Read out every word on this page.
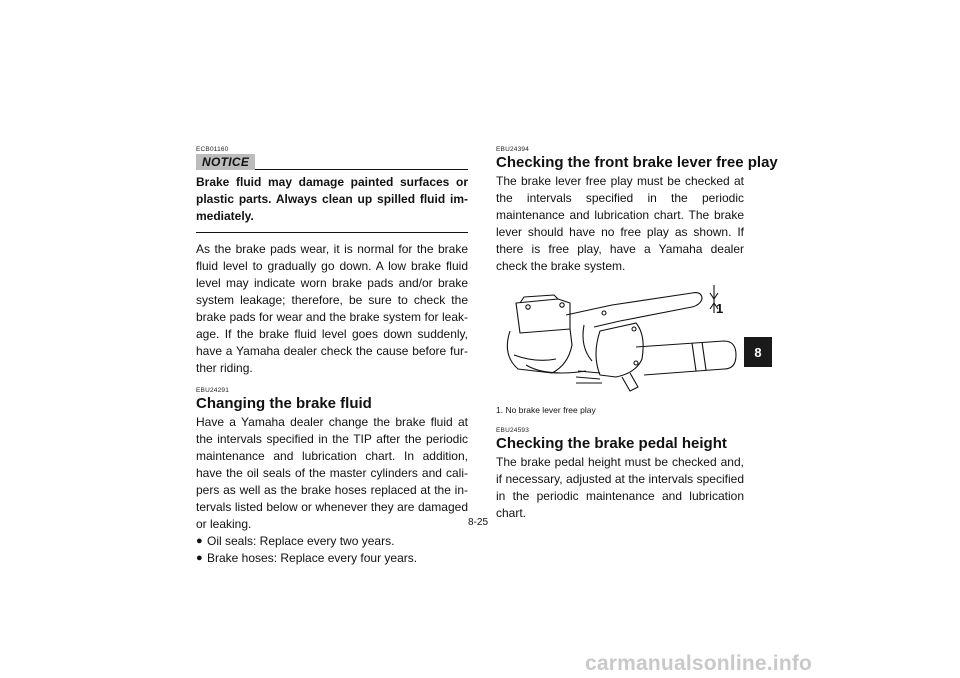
ECB01160

NOTICE

Brake fluid may damage painted surfaces or plastic parts. Always clean up spilled fluid im-mediately.

As the brake pads wear, it is normal for the brake fluid level to gradually go down. A low brake fluid level may indicate worn brake pads and/or brake system leakage; therefore, be sure to check the brake pads for wear and the brake system for leak-age. If the brake fluid level goes down suddenly, have a Yamaha dealer check the cause before fur-ther riding.

EBU24291

Changing the brake fluid

Have a Yamaha dealer change the brake fluid at the intervals specified in the TIP after the periodic maintenance and lubrication chart. In addition, have the oil seals of the master cylinders and cali-pers as well as the brake hoses replaced at the in-tervals listed below or whenever they are damaged or leaking.

● Oil seals: Replace every two years.
● Brake hoses: Replace every four years.

EBU24394

Checking the front brake lever free play

The brake lever free play must be checked at the intervals specified in the periodic maintenance and lubrication chart. The brake lever should have no free play as shown. If there is free play, have a Yamaha dealer check the brake system.

1

1. No brake lever free play

EBU24593

Checking the brake pedal height

The brake pedal height must be checked and, if necessary, adjusted at the intervals specified in the periodic maintenance and lubrication chart.

8
8-25
carmanualsonline.info
